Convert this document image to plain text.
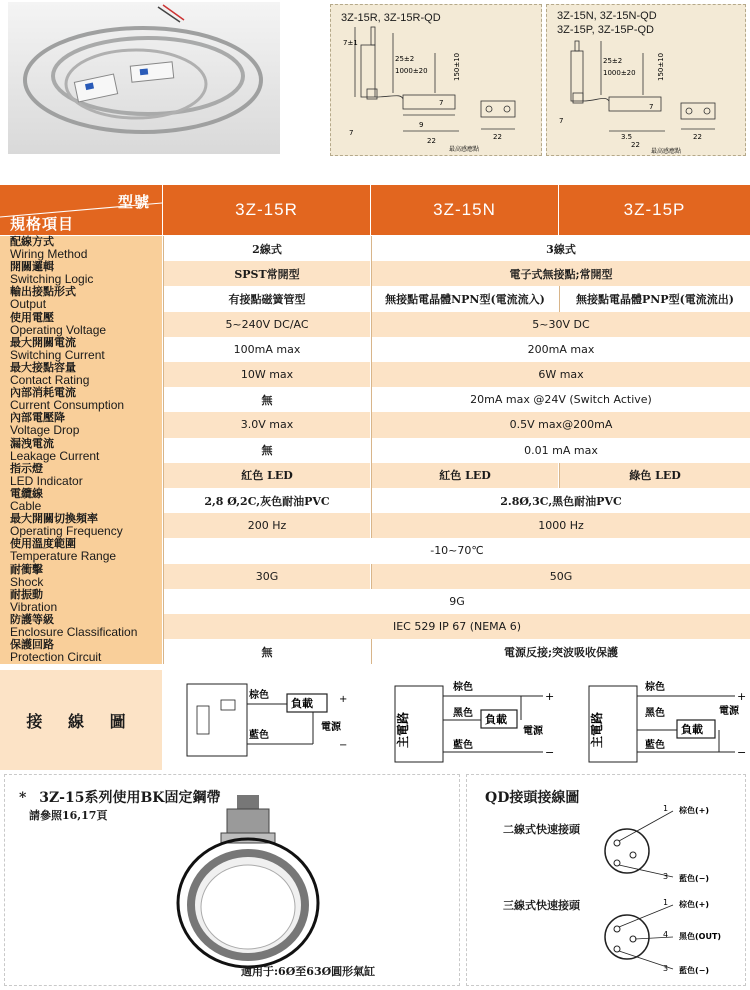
3Z-15R, 3Z-15R-QD
7±1
25±2
1000±20	150±10
7
7
9
22	22
最高感應點
3Z-15N, 3Z-15N-QD
3Z-15P, 3Z-15P-QD
25±2
1000±20	150±10
7
7
3.5
22
22
最高感應點
型號
規格項目
3Z-15R	3Z-15N	3Z-15P
配線方式
Wiring Method	2線式	3線式
開關邏輯
Switching Logic	SPST常開型	電子式無接點;常開型
輸出接點形式
Output	有接點磁簧管型	無接點電晶體NPN型(電流流入)	無接點電晶體PNP型(電流流出)
使用電壓
Operating Voltage	5~240V DC/AC	5~30V DC
最大開關電流
Switching Current	100mA max	200mA max
最大接點容量
Contact Rating	10W max	6W max
內部消耗電流
Current Consumption	無	20mA max @24V (Switch Active)
內部電壓降
Voltage Drop	3.0V max	0.5V max@200mA
漏洩電流
Leakage Current	無	0.01 mA max
指示燈
LED Indicator	紅色 LED	紅色 LED	綠色 LED
電纜線
Cable	2,8 Ø,2C,灰色耐油PVC	2.8Ø,3C,黑色耐油PVC
最大開關切換頻率
Operating Frequency	200 Hz	1000 Hz
使用溫度範圍
Temperature Range	-10~70℃
耐衝擊
Shock	30G	50G
耐振動
Vibration	9G
防護等級
Enclosure Classification	IEC 529 IP 67 (NEMA 6)
保護回路
Protection Circuit	無	電源反接;突波吸收保護
接 線 圖
棕色
藍色
負載
電源
+
−	主電路
棕色
黑色
藍色
負載
電源
+
−
主電路
棕色
黑色
藍色
負載
電源
+
−
* 3Z-15系列使用BK固定鋼帶
請參照16,17頁
適用于:6Ø至63Ø圓形氣缸
QD接頭接線圖
二線式快速接頭
三線式快速接頭
1 棕色(+)
3 藍色(−)
1 棕色(+)
4 黑色(OUT)
3 藍色(−)
